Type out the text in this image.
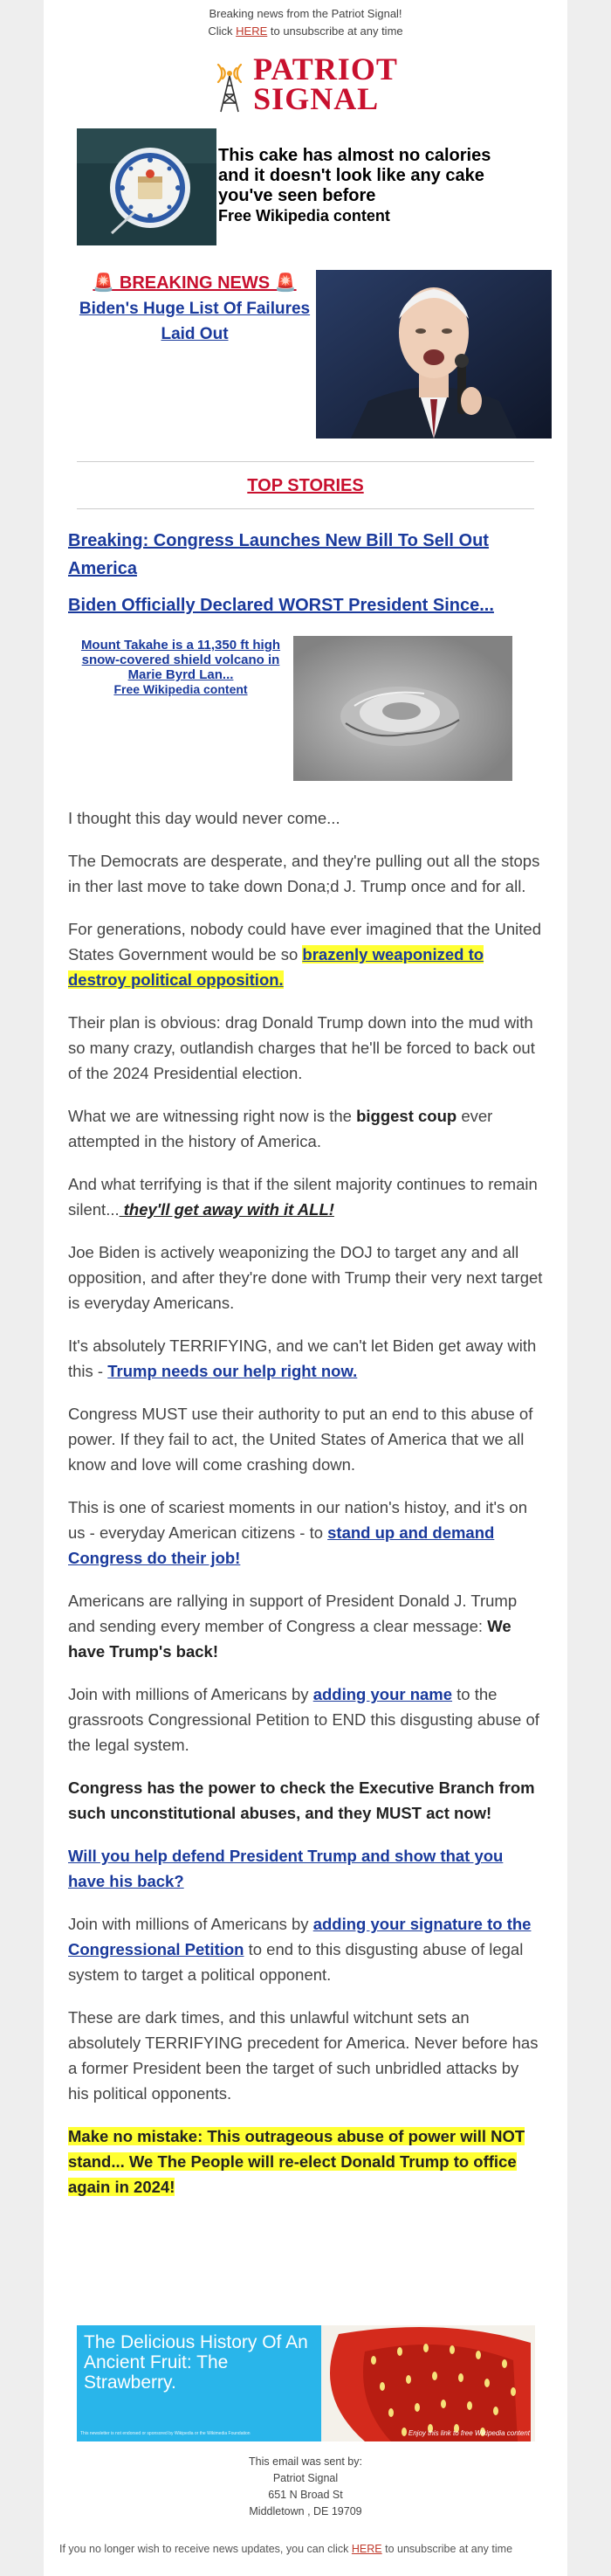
Breaking news from the Patriot Signal!
Click HERE to unsubscribe at any time
PATRIOT
SIGNAL
This cake has almost no calories and it doesn't look like any cake you've seen before
Free Wikipedia content
🚨 BREAKING NEWS 🚨
Biden's Huge List Of Failures Laid Out
TOP STORIES
Breaking: Congress Launches New Bill To Sell Out America
Biden Officially Declared WORST President Since...
Mount Takahe is a 11,350 ft high snow-covered shield volcano in Marie Byrd Lan...
Free Wikipedia content

I thought this day would never come...

The Democrats are desperate, and they're pulling out all the stops in ther last move to take down Dona;d J. Trump once and for all.

For generations, nobody could have ever imagined that the United States Government would be so brazenly weaponized to destroy political opposition.

Their plan is obvious: drag Donald Trump down into the mud with so many crazy, outlandish charges that he'll be forced to back out of the 2024 Presidential election.

What we are witnessing right now is the biggest coup ever attempted in the history of America.

And what terrifying is that if the silent majority continues to remain silent... they'll get away with it ALL!

Joe Biden is actively weaponizing the DOJ to target any and all opposition, and after they're done with Trump their very next target is everyday Americans.

It's absolutely TERRIFYING, and we can't let Biden get away with this - Trump needs our help right now.

Congress MUST use their authority to put an end to this abuse of power. If they fail to act, the United States of America that we all know and love will come crashing down.

This is one of scariest moments in our nation's histoy, and it's on us - everyday American citizens - to stand up and demand Congress do their job!

Americans are rallying in support of President Donald J. Trump and sending every member of Congress a clear message: We have Trump's back!

Join with millions of Americans by adding your name to the grassroots Congressional Petition to END this disgusting abuse of the legal system.

Congress has the power to check the Executive Branch from such unconstitutional abuses, and they MUST act now!

Will you help defend President Trump and show that you have his back?

Join with millions of Americans by adding your signature to the Congressional Petition to end to this disgusting abuse of legal system to target a political opponent.

These are dark times, and this unlawful witchunt sets an absolutely TERRIFYING precedent for America. Never before has a former President been the target of such unbridled attacks by his political opponents.

Make no mistake: This outrageous abuse of power will NOT stand... We The People will re-elect Donald Trump to office again in 2024!

The Delicious History Of An Ancient Fruit: The Strawberry.
This newsletter is not endorsed or sponsored by Wikipedia or the Wikimedia Foundation	Enjoy this link to free Wikipedia content
This email was sent by:
Patriot Signal
651 N Broad St
Middletown , DE 19709
If you no longer wish to receive news updates, you can click HERE to unsubscribe at any time
